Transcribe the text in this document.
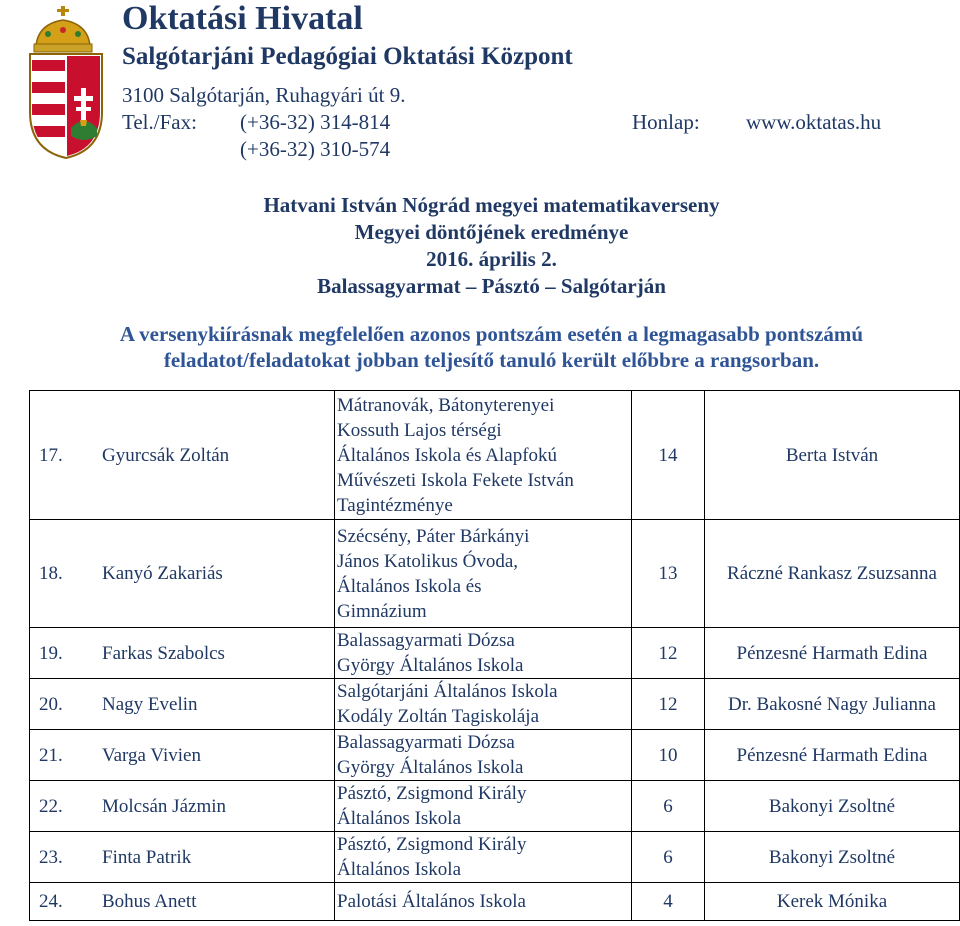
Oktatási Hivatal
Salgótarjáni Pedagógiai Oktatási Központ
3100 Salgótarján, Ruhagyári út 9.
Tel./Fax: (+36-32) 314-814
(+36-32) 310-574
Honlap: www.oktatas.hu
Hatvani István Nógrád megyei matematikaverseny
Megyei döntőjének eredménye
2016. április 2.
Balassagyarmat – Pásztó – Salgótarján
A versenykiírásnak megfelelően azonos pontszám esetén a legmagasabb pontszámú
feladatot/feladatokat jobban teljesítő tanuló került előbbre a rangsorban.
17.	Gyurcsák Zoltán	Mátranovák, Bátonyterenyei
Kossuth Lajos térségi
Általános Iskola és Alapfokú
Művészeti Iskola Fekete István
Tagintézménye	14	Berta István
18.	Kanyó Zakariás	Szécsény, Páter Bárkányi
János Katolikus Óvoda,
Általános Iskola és
Gimnázium	13	Ráczné Rankasz Zsuzsanna
19.	Farkas Szabolcs	Balassagyarmati Dózsa
György Általános Iskola	12	Pénzesné Harmath Edina
20.	Nagy Evelin	Salgótarjáni Általános Iskola
Kodály Zoltán Tagiskolája	12	Dr. Bakosné Nagy Julianna
21.	Varga Vivien	Balassagyarmati Dózsa
György Általános Iskola	10	Pénzesné Harmath Edina
22.	Molcsán Jázmin	Pásztó, Zsigmond Király
Általános Iskola	6	Bakonyi Zsoltné
23.	Finta Patrik	Pásztó, Zsigmond Király
Általános Iskola	6	Bakonyi Zsoltné
24.	Bohus Anett	Palotási Általános Iskola	4	Kerek Mónika
